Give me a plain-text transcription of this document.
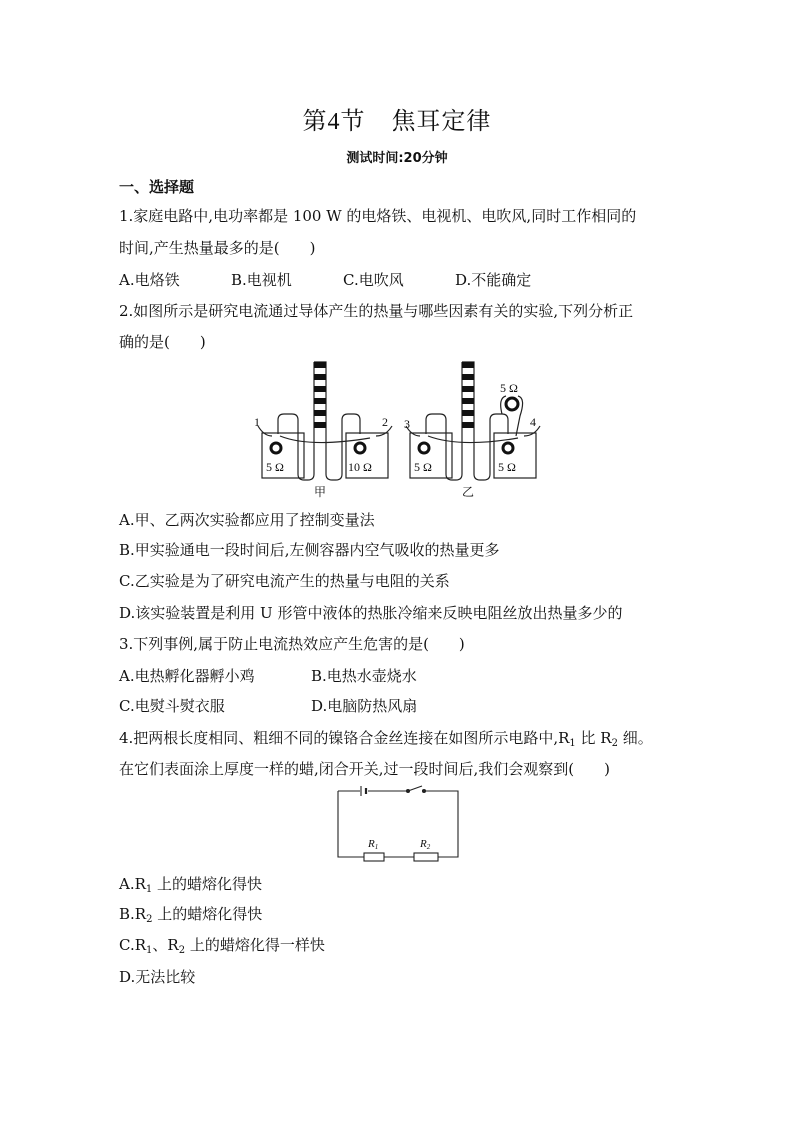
第4节 焦耳定律
测试时间:20分钟
一、选择题
1.家庭电路中,电功率都是 100 W 的电烙铁、电视机、电吹风,同时工作相同的
时间,产生热量最多的是(　　)
A.电烙铁	B.电视机	C.电吹风	D.不能确定
2.如图所示是研究电流通过导体产生的热量与哪些因素有关的实验,下列分析正
确的是(　　)
1	2 3	4
5 Ω	10 Ω	5 Ω	5 Ω
5 Ω
甲	乙
A.甲、乙两次实验都应用了控制变量法
B.甲实验通电一段时间后,左侧容器内空气吸收的热量更多
C.乙实验是为了研究电流产生的热量与电阻的关系
D.该实验装置是利用 U 形管中液体的热胀冷缩来反映电阻丝放出热量多少的
3.下列事例,属于防止电流热效应产生危害的是(　　)
A.电热孵化器孵小鸡	B.电热水壶烧水
C.电熨斗熨衣服	D.电脑防热风扇
4.把两根长度相同、粗细不同的镍铬合金丝连接在如图所示电路中$,R_1$ 比 $R_2$ 细。
在它们表面涂上厚度一样的蜡,闭合开关,过一段时间后,我们会观察到(　　)
R1	R2
$A.R_1$ 上的蜡熔化得快
$B.R_2$ 上的蜡熔化得快
$C.R_1$、$R_2$ 上的蜡熔化得一样快
D.无法比较
